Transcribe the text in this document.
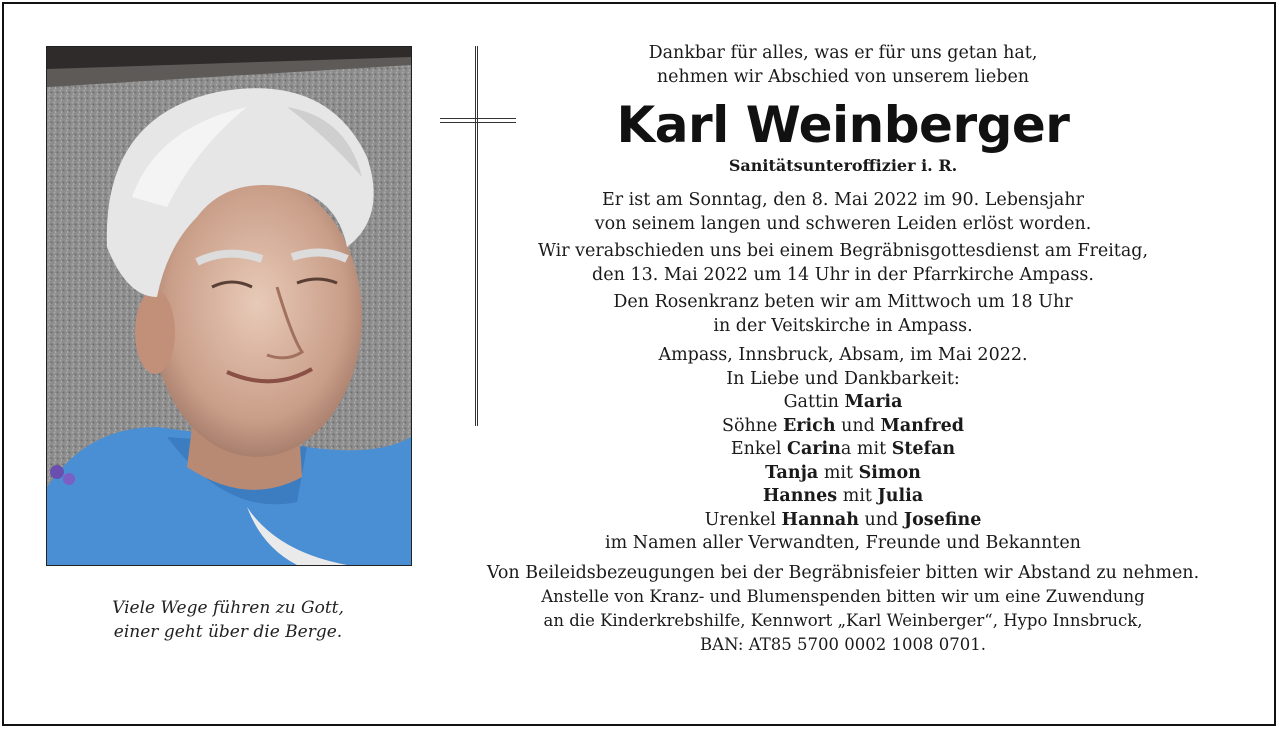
Viele Wege führen zu Gott,
einer geht über die Berge.
Dankbar für alles, was er für uns getan hat,
nehmen wir Abschied von unserem lieben
Karl Weinberger
Sanitätsunteroffizier i. R.
Er ist am Sonntag, den 8. Mai 2022 im 90. Lebensjahr
von seinem langen und schweren Leiden erlöst worden.
Wir verabschieden uns bei einem Begräbnisgottesdienst am Freitag,
den 13. Mai 2022 um 14 Uhr in der Pfarrkirche Ampass.
Den Rosenkranz beten wir am Mittwoch um 18 Uhr
in der Veitskirche in Ampass.
Ampass, Innsbruck, Absam, im Mai 2022.
In Liebe und Dankbarkeit:
Gattin Maria
Söhne Erich und Manfred
Enkel Carina mit Stefan
Tanja mit Simon
Hannes mit Julia
Urenkel Hannah und Josefine
im Namen aller Verwandten, Freunde und Bekannten
Von Beileidsbezeugungen bei der Begräbnisfeier bitten wir Abstand zu nehmen.
Anstelle von Kranz- und Blumenspenden bitten wir um eine Zuwendung
an die Kinderkrebshilfe, Kennwort „Karl Weinberger“, Hypo Innsbruck,
BAN: AT85 5700 0002 1008 0701.
